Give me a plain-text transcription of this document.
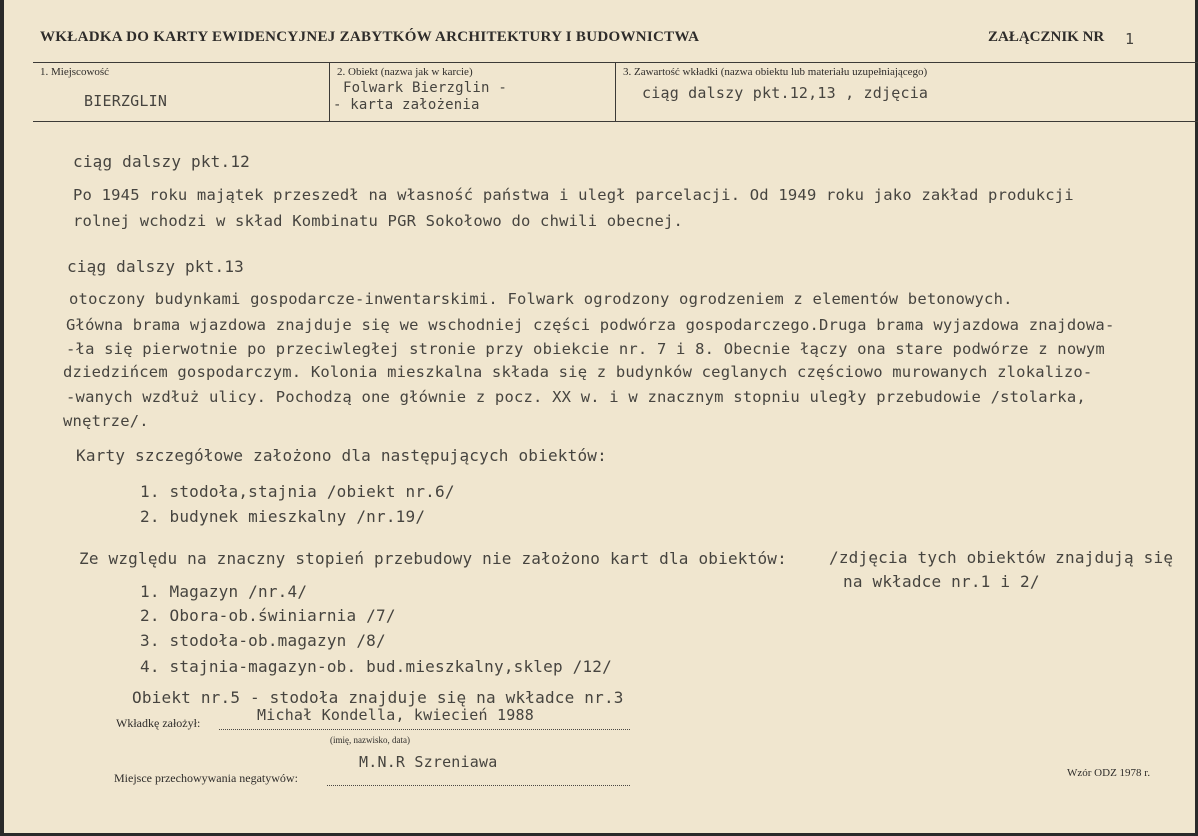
WKŁADKA DO KARTY EWIDENCYJNEJ ZABYTKÓW ARCHITEKTURY I BUDOWNICTWA	ZAŁĄCZNIK NR 1
1. Miejscowość
BIERZGLIN
2. Obiekt (nazwa jak w karcie)
Folwark Bierzglin -
- karta założenia
3. Zawartość wkładki (nazwa obiektu lub materiału uzupełniającego)
ciąg dalszy pkt.12,13 , zdjęcia
ciąg dalszy pkt.12
Po 1945 roku majątek przeszedł na własność państwa i uległ parcelacji. Od 1949 roku jako zakład produkcji
rolnej wchodzi w skład Kombinatu PGR Sokołowo do chwili obecnej.
ciąg dalszy pkt.13
otoczony budynkami gospodarcze-inwentarskimi. Folwark ogrodzony ogrodzeniem z elementów betonowych.
Główna brama wjazdowa znajduje się we wschodniej części podwórza gospodarczego.Druga brama wyjazdowa znajdowa-
-ła się pierwotnie po przeciwległej stronie przy obiekcie nr. 7 i 8. Obecnie łączy ona stare podwórze z nowym
dziedzińcem gospodarczym. Kolonia mieszkalna składa się z budynków ceglanych częściowo murowanych zlokalizo-
-wanych wzdłuż ulicy. Pochodzą one głównie z pocz. XX w. i w znacznym stopniu uległy przebudowie /stolarka,
wnętrze/.
Karty szczegółowe założono dla następujących obiektów:
1. stodoła,stajnia /obiekt nr.6/
2. budynek mieszkalny /nr.19/
Ze względu na znaczny stopień przebudowy nie założono kart dla obiektów:	/zdjęcia tych obiektów znajdują się
na wkładce nr.1 i 2/
1. Magazyn /nr.4/
2. Obora-ob.świniarnia /7/
3. stodoła-ob.magazyn /8/
4. stajnia-magazyn-ob. bud.mieszkalny,sklep /12/
Obiekt nr.5 - stodoła znajduje się na wkładce nr.3
Wkładkę założył:	Michał Kondella, kwiecień 1988
(imię, nazwisko, data)
Miejsce przechowywania negatywów:
M.N.R Szreniawa
Wzór ODZ 1978 r.
